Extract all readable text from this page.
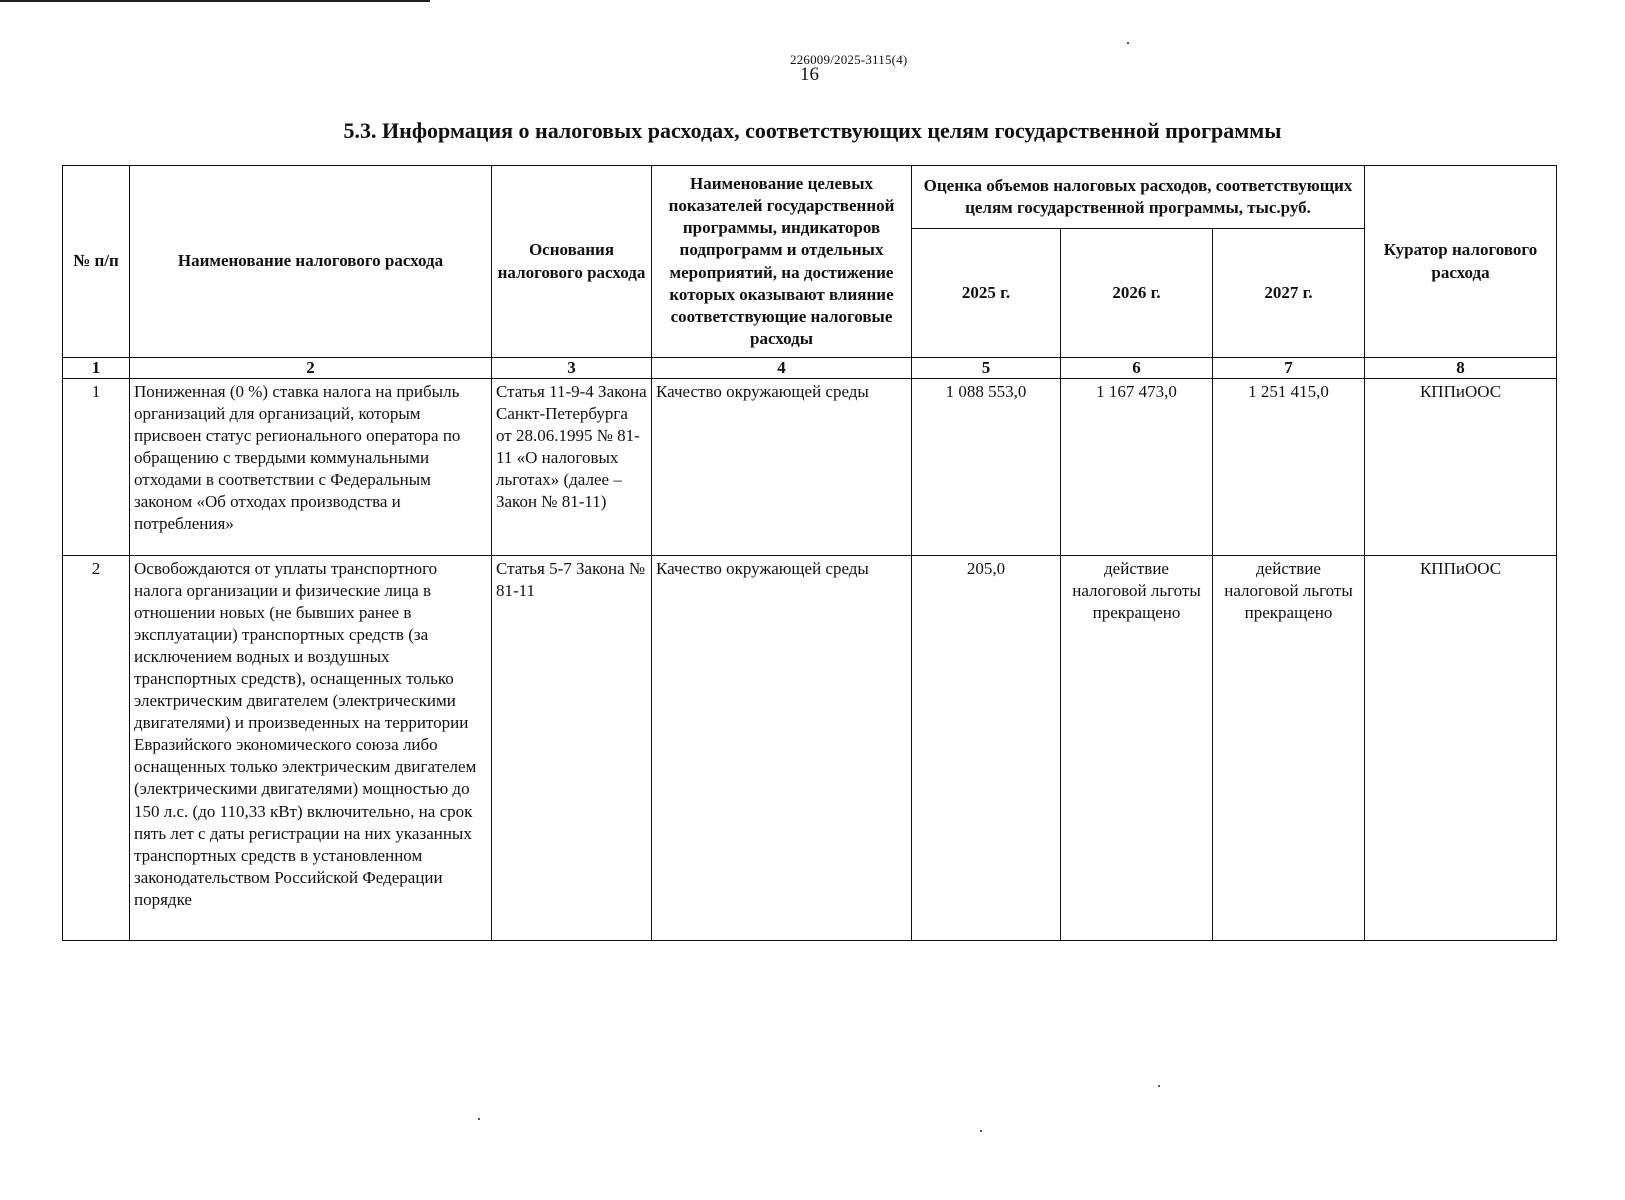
226009/2025-3115(4)
16
5.3. Информация о налоговых расходах, соответствующих целям государственной программы
№ п/п	Наименование налогового расхода	Основания налогового расхода	Наименование целевых показателей государственной программы, индикаторов подпрограмм и отдельных мероприятий, на достижение которых оказывают влияние соответствующие налоговые расходы	Оценка объемов налоговых расходов, соответствующих целям государственной программы, тыс.руб.			Куратор налогового расхода
				2025 г.	2026 г.	2027 г.	
1	2	3	4	5	6	7	8
1	Пониженная (0 %) ставка налога на прибыль организаций для организаций, которым присвоен статус регионального оператора по обращению с твердыми коммунальными отходами в соответствии с Федеральным законом «Об отходах производства и потребления»	Статья 11-9-4 Закона Санкт-Петербурга от 28.06.1995 № 81-11 «О налоговых льготах» (далее – Закон № 81-11)	Качество окружающей среды	1 088 553,0	1 167 473,0	1 251 415,0	КППиООС
2	Освобождаются от уплаты транспортного налога организации и физические лица в отношении новых (не бывших ранее в эксплуатации) транспортных средств (за исключением водных и воздушных транспортных средств), оснащенных только электрическим двигателем (электрическими двигателями) и произведенных на территории Евразийского экономического союза либо оснащенных только электрическим двигателем (электрическими двигателями) мощностью до 150 л.с. (до 110,33 кВт) включительно, на срок пять лет с даты регистрации на них указанных транспортных средств в установленном законодательством Российской Федерации порядке	Статья 5-7 Закона № 81-11	Качество окружающей среды	205,0	действие налоговой льготы прекращено	действие налоговой льготы прекращено	КППиООС
